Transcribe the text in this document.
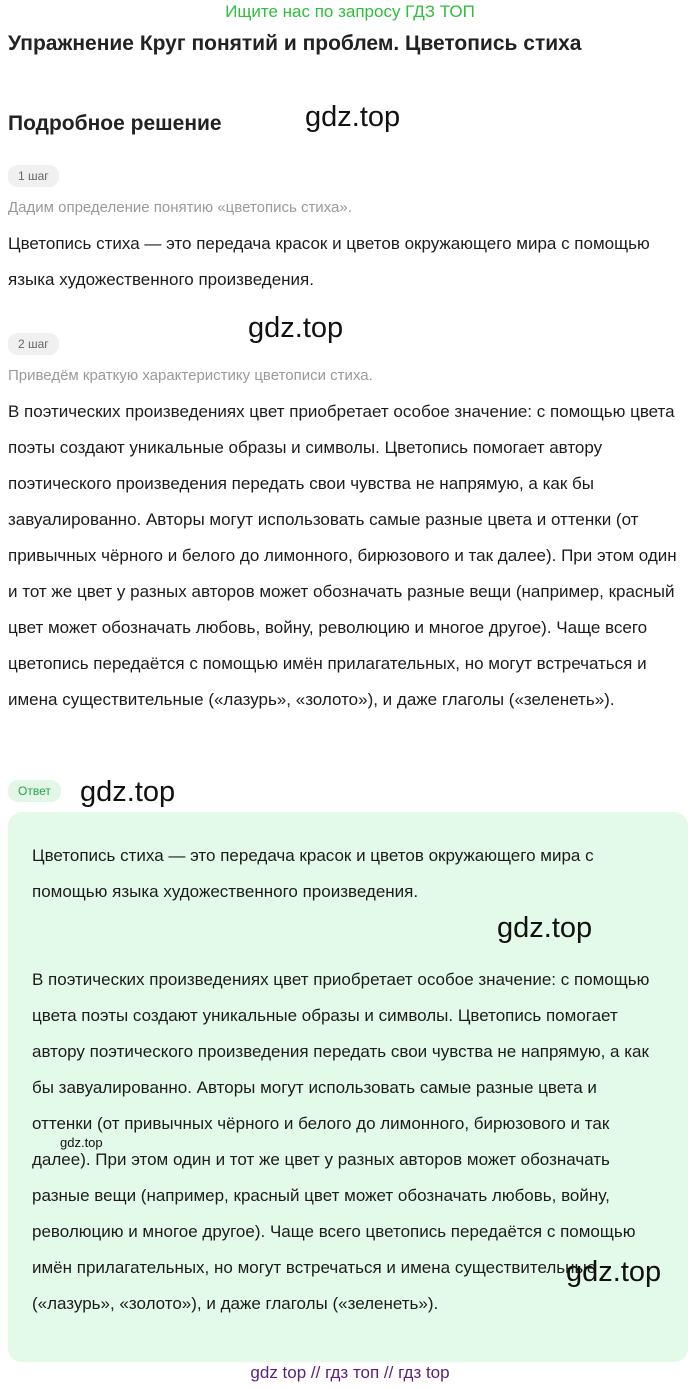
Ищите нас по запросу ГДЗ ТОП
Упражнение Круг понятий и проблем. Цветопись стиха
Подробное решение	gdz.top
1 шаг
Дадим определение понятию «цветопись стиха».
Цветопись стиха — это передача красок и цветов окружающего мира с помощью языка художественного произведения.
gdz.top
2 шаг
Приведём краткую характеристику цветописи стиха.
В поэтических произведениях цвет приобретает особое значение: с помощью цвета поэты создают уникальные образы и символы. Цветопись помогает автору поэтического произведения передать свои чувства не напрямую, а как бы завуалированно. Авторы могут использовать самые разные цвета и оттенки (от привычных чёрного и белого до лимонного, бирюзового и так далее). При этом один и тот же цвет у разных авторов может обозначать разные вещи (например, красный цвет может обозначать любовь, войну, революцию и многое другое). Чаще всего цветопись передаётся с помощью имён прилагательных, но могут встречаться и имена существительные («лазурь», «золото»), и даже глаголы («зеленеть»).
Ответ	gdz.top
Цветопись стиха — это передача красок и цветов окружающего мира с помощью языка художественного произведения.
gdz.top
В поэтических произведениях цвет приобретает особое значение: с помощью цвета поэты создают уникальные образы и символы. Цветопись помогает автору поэтического произведения передать свои чувства не напрямую, а как бы завуалированно. Авторы могут использовать самые разные цвета и оттенки (от привычных чёрного и белого до лимонного, бирюзового и так далее). При этом один и тот же цвет у разных авторов может обозначать разные вещи (например, красный цвет может обозначать любовь, войну, революцию и многое другое). Чаще всего цветопись передаётся с помощью имён прилагательных, но могут встречаться и имена существительные («лазурь», «золото»), и даже глаголы («зеленеть»).
gdz.top
gdz.top
gdz top // гдз топ // гдз top
